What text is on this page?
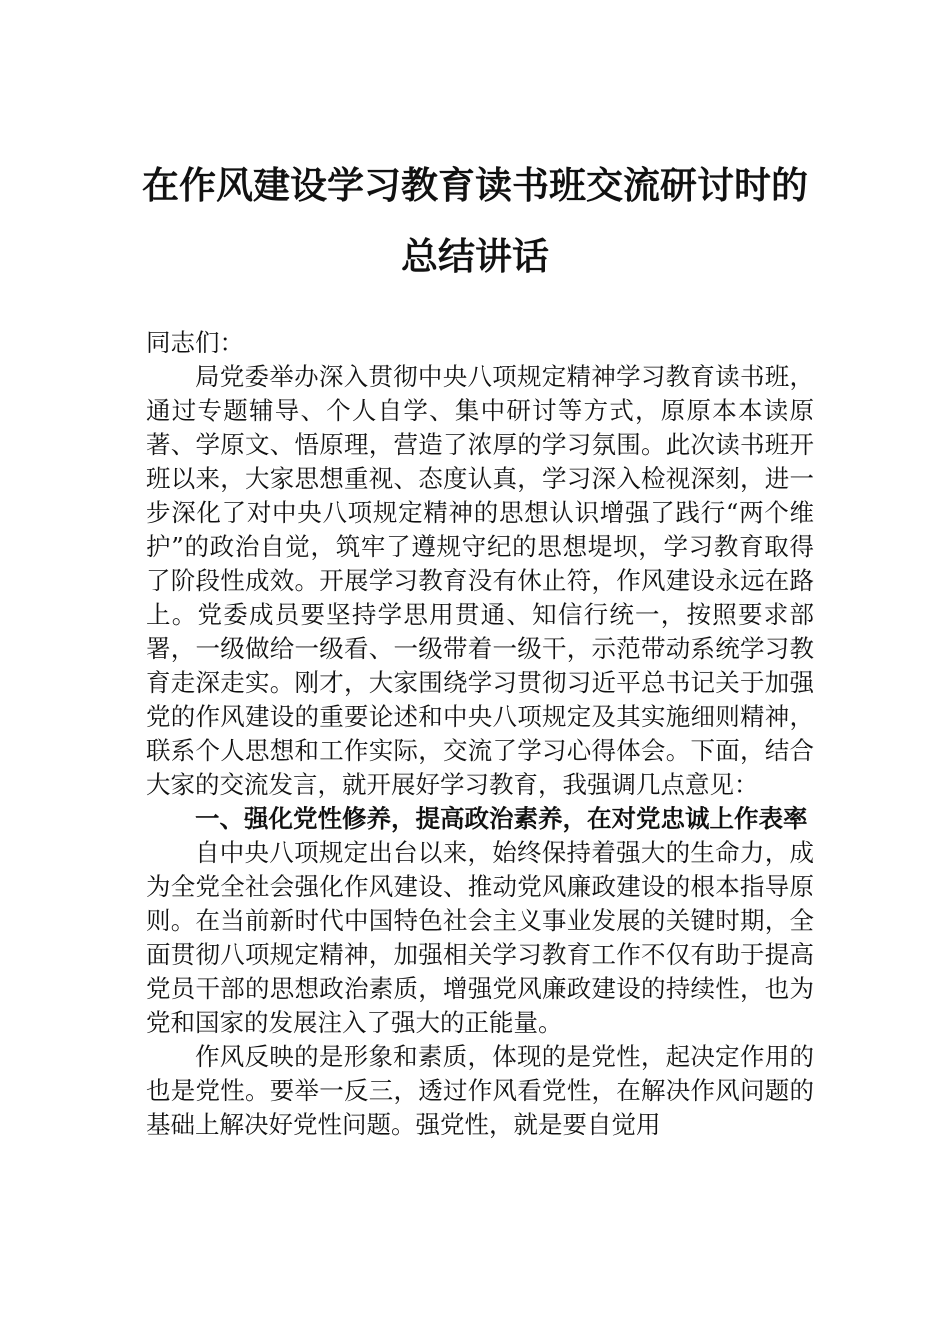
在作风建设学习教育读书班交流研讨时的
总结讲话
同志们：

局党委举办深入贯彻中央八项规定精神学习教育读书班，通过专题辅导、个人自学、集中研讨等方式，原原本本读原著、学原文、悟原理，营造了浓厚的学习氛围。此次读书班开班以来，大家思想重视、态度认真，学习深入检视深刻，进一步深化了对中央八项规定精神的思想认识增强了践行“两个维护”的政治自觉，筑牢了遵规守纪的思想堤坝，学习教育取得了阶段性成效。开展学习教育没有休止符，作风建设永远在路上。党委成员要坚持学思用贯通、知信行统一，按照要求部署，一级做给一级看、一级带着一级干，示范带动系统学习教育走深走实。刚才，大家围绕学习贯彻习近平总书记关于加强党的作风建设的重要论述和中央八项规定及其实施细则精神，联系个人思想和工作实际，交流了学习心得体会。下面，结合大家的交流发言，就开展好学习教育，我强调几点意见：

一、强化党性修养，提高政治素养，在对党忠诚上作表率

自中央八项规定出台以来，始终保持着强大的生命力，成为全党全社会强化作风建设、推动党风廉政建设的根本指导原则。在当前新时代中国特色社会主义事业发展的关键时期，全面贯彻八项规定精神，加强相关学习教育工作不仅有助于提高党员干部的思想政治素质，增强党风廉政建设的持续性，也为党和国家的发展注入了强大的正能量。

作风反映的是形象和素质，体现的是党性，起决定作用的也是党性。要举一反三，透过作风看党性，在解决作风问题的基础上解决好党性问题。强党性，就是要自觉用
